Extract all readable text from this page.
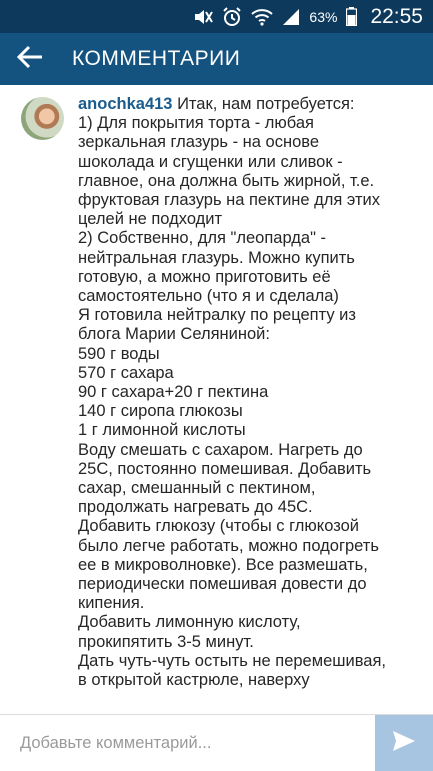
63% 22:55
КОММЕНТАРИИ
anochka413 Итак, нам потребуется:
1) Для покрытия торта - любая
зеркальная глазурь - на основе
шоколада и сгущенки или сливок -
главное, она должна быть жирной, т.е.
фруктовая глазурь на пектине для этих
целей не подходит
2) Собственно, для "леопарда" -
нейтральная глазурь. Можно купить
готовую, а можно приготовить её
самостоятельно (что я и сделала)
Я готовила нейтралку по рецепту из
блога Марии Селяниной:
590 г воды
570 г сахара
90 г сахара+20 г пектина
140 г сиропа глюкозы
1 г лимонной кислоты
Воду смешать с сахаром. Нагреть до
25С, постоянно помешивая. Добавить
сахар, смешанный с пектином,
продолжать нагревать до 45С.
Добавить глюкозу (чтобы с глюкозой
было легче работать, можно подогреть
ее в микроволновке). Все размешать,
периодически помешивая довести до
кипения.
Добавить лимонную кислоту,
прокипятить 3-5 минут.
Дать чуть-чуть остыть не перемешивая,
в открытой кастрюле, наверху
Добавьте комментарий...
